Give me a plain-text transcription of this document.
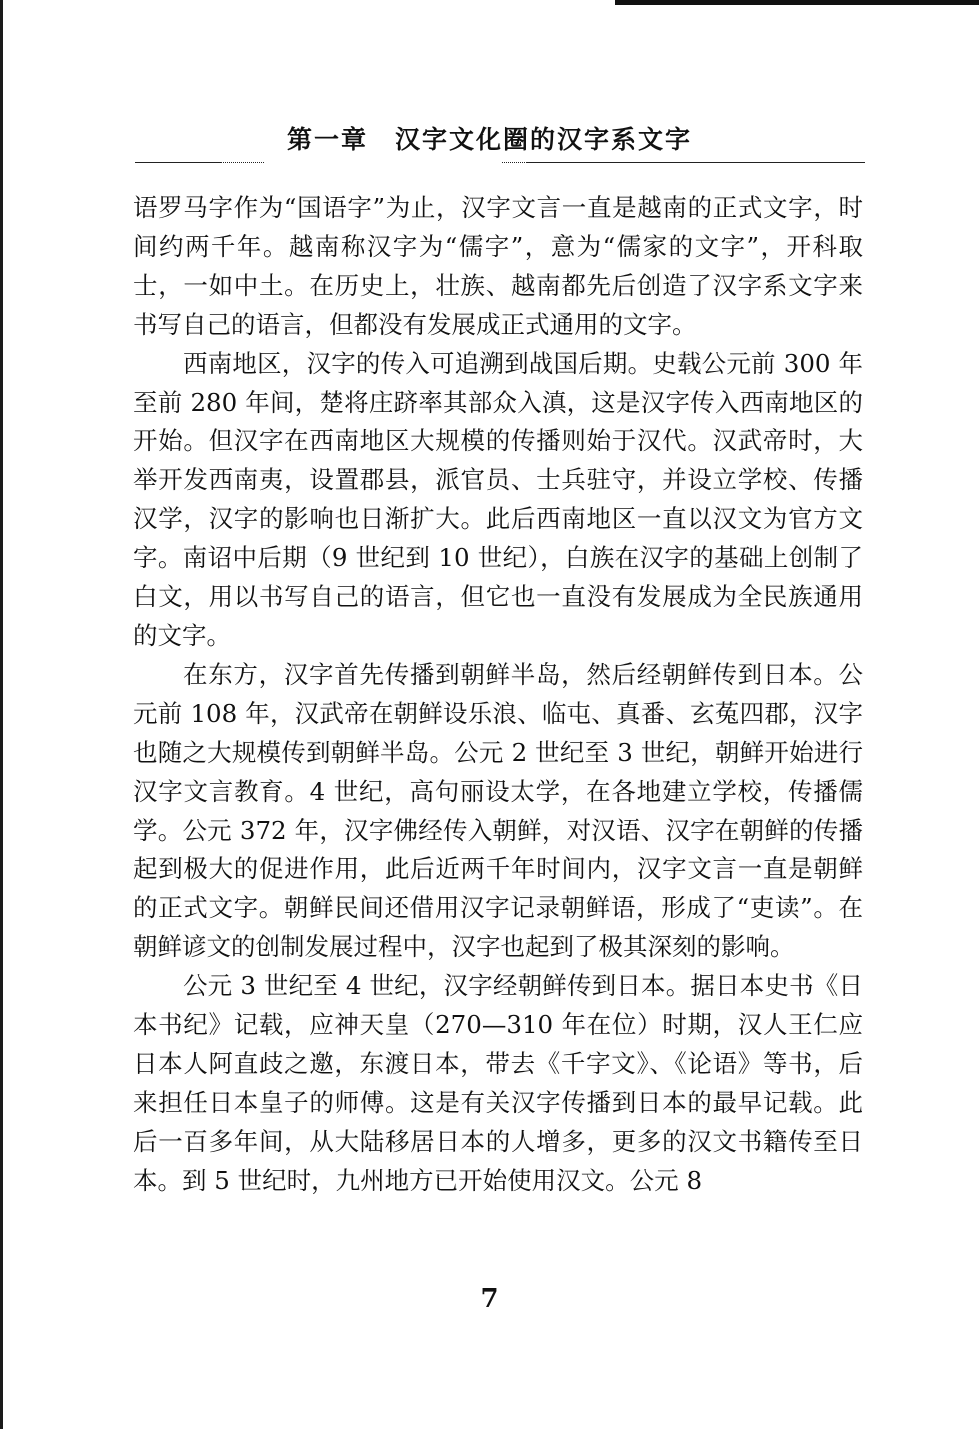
第一章　汉字文化圈的汉字系文字

语罗马字作为“国语字”为止，汉字文言一直是越南的正式文字，时间约两千年。越南称汉字为“儒字”，意为“儒家的文字”，开科取士，一如中土。在历史上，壮族、越南都先后创造了汉字系文字来书写自己的语言，但都没有发展成正式通用的文字。

西南地区，汉字的传入可追溯到战国后期。史载公元前 300 年至前 280 年间，楚将庄跻率其部众入滇，这是汉字传入西南地区的开始。但汉字在西南地区大规模的传播则始于汉代。汉武帝时，大举开发西南夷，设置郡县，派官员、士兵驻守，并设立学校、传播汉学，汉字的影响也日渐扩大。此后西南地区一直以汉文为官方文字。南诏中后期（9 世纪到 10 世纪），白族在汉字的基础上创制了白文，用以书写自己的语言，但它也一直没有发展成为全民族通用的文字。

在东方，汉字首先传播到朝鲜半岛，然后经朝鲜传到日本。公元前 108 年，汉武帝在朝鲜设乐浪、临屯、真番、玄菟四郡，汉字也随之大规模传到朝鲜半岛。公元 2 世纪至 3 世纪，朝鲜开始进行汉字文言教育。4 世纪，高句丽设太学，在各地建立学校，传播儒学。公元 372 年，汉字佛经传入朝鲜，对汉语、汉字在朝鲜的传播起到极大的促进作用，此后近两千年时间内，汉字文言一直是朝鲜的正式文字。朝鲜民间还借用汉字记录朝鲜语，形成了“吏读”。在朝鲜谚文的创制发展过程中，汉字也起到了极其深刻的影响。

公元 3 世纪至 4 世纪，汉字经朝鲜传到日本。据日本史书《日本书纪》记载，应神天皇（270—310 年在位）时期，汉人王仁应日本人阿直歧之邀，东渡日本，带去《千字文》、《论语》等书，后来担任日本皇子的师傅。这是有关汉字传播到日本的最早记载。此后一百多年间，从大陆移居日本的人增多，更多的汉文书籍传至日本。到 5 世纪时，九州地方已开始使用汉文。公元 8

7
